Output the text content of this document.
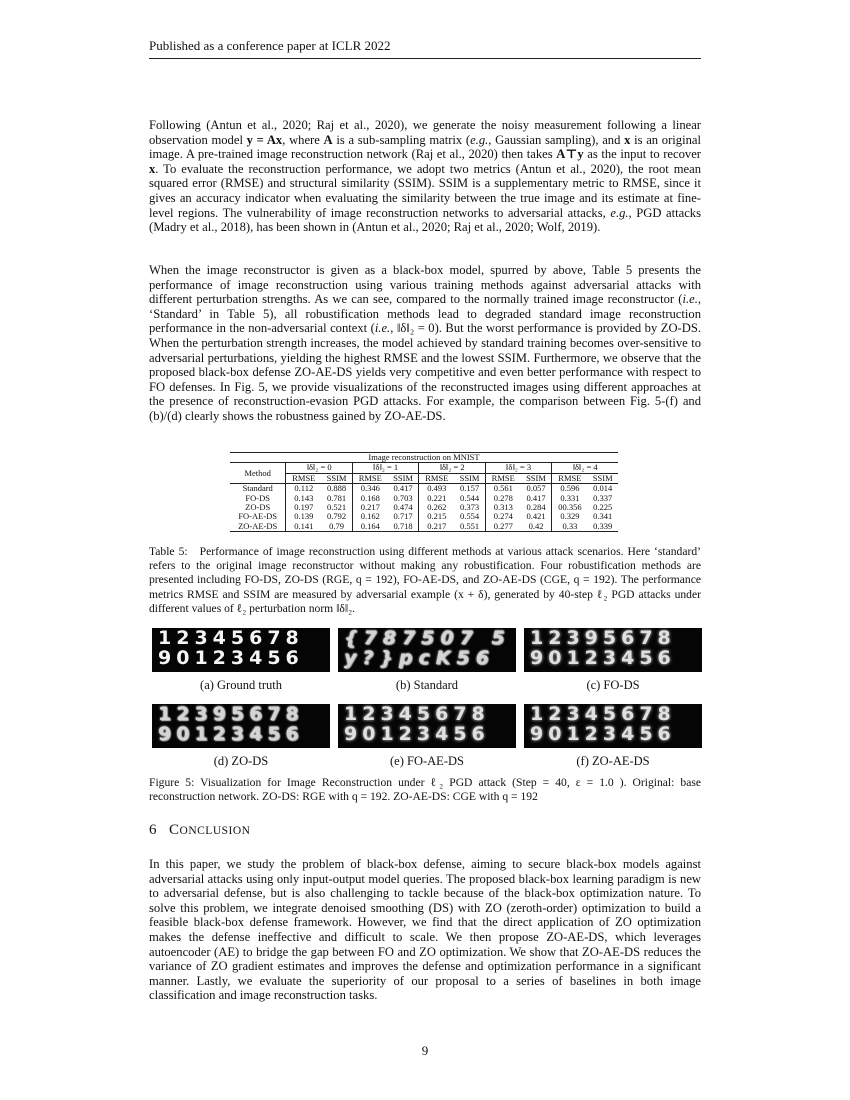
Published as a conference paper at ICLR 2022

Following (Antun et al., 2020; Raj et al., 2020), we generate the noisy measurement following a linear observation model y = Ax, where A is a sub-sampling matrix (e.g., Gaussian sampling), and x is an original image. A pre-trained image reconstruction network (Raj et al., 2020) then takes A⊤y as the input to recover x. To evaluate the reconstruction performance, we adopt two metrics (Antun et al., 2020), the root mean squared error (RMSE) and structural similarity (SSIM). SSIM is a supplementary metric to RMSE, since it gives an accuracy indicator when evaluating the similarity between the true image and its estimate at fine-level regions. The vulnerability of image reconstruction networks to adversarial attacks, e.g., PGD attacks (Madry et al., 2018), has been shown in (Antun et al., 2020; Raj et al., 2020; Wolf, 2019).

When the image reconstructor is given as a black-box model, spurred by above, Table 5 presents the performance of image reconstruction using various training methods against adversarial attacks with different perturbation strengths. As we can see, compared to the normally trained image reconstructor (i.e., ‘Standard’ in Table 5), all robustification methods lead to degraded standard image reconstruction performance in the non-adversarial context (i.e., ‖δ‖₂ = 0). But the worst performance is provided by ZO-DS. When the perturbation strength increases, the model achieved by standard training becomes over-sensitive to adversarial perturbations, yielding the highest RMSE and the lowest SSIM. Furthermore, we observe that the proposed black-box defense ZO-AE-DS yields very competitive and even better performance with respect to FO defenses. In Fig. 5, we provide visualizations of the reconstructed images using different approaches at the presence of reconstruction-evasion PGD attacks. For example, the comparison between Fig. 5-(f) and (b)/(d) clearly shows the robustness gained by ZO-AE-DS.

Image reconstruction on MNIST										
Method	‖δ‖₂ = 0		‖δ‖₂ = 1		‖δ‖₂ = 2		‖δ‖₂ = 3		‖δ‖₂ = 4	
	RMSE	SSIM	RMSE	SSIM	RMSE	SSIM	RMSE	SSIM	RMSE	SSIM
Standard	0.112	0.888	0.346	0.417	0.493	0.157	0.561	0.057	0.596	0.014
FO-DS	0.143	0.781	0.168	0.703	0.221	0.544	0.278	0.417	0.331	0.337
ZO-DS	0.197	0.521	0.217	0.474	0.262	0.373	0.313	0.284	00.356	0.225
FO-AE-DS	0.139	0.792	0.162	0.717	0.215	0.554	0.274	0.421	0.329	0.341
ZO-AE-DS	0.141	0.79	0.164	0.718	0.217	0.551	0.277	0.42	0.33	0.339

Table 5: Performance of image reconstruction using different methods at various attack scenarios. Here ‘standard’ refers to the original image reconstructor without making any robustification. Four robustification methods are presented including FO-DS, ZO-DS (RGE, q = 192), FO-AE-DS, and ZO-AE-DS (CGE, q = 192). The performance metrics RMSE and SSIM are measured by adversarial example (x + δ), generated by 40-step ℓ₂ PGD attacks under different values of ℓ₂ perturbation norm ‖δ‖₂.

12345678
90123456
{787507 5
y?}pcK56
12395678
90123456
(a) Ground truth	(b) Standard	(c) FO-DS
12395678
90123456
12345678
90123456
12345678
90123456
(d) ZO-DS	(e) FO-AE-DS	(f) ZO-AE-DS

Figure 5: Visualization for Image Reconstruction under ℓ₂ PGD attack (Step = 40, ε = 1.0 ). Original: base reconstruction network. ZO-DS: RGE with q = 192. ZO-AE-DS: CGE with q = 192

6 CONCLUSION

In this paper, we study the problem of black-box defense, aiming to secure black-box models against adversarial attacks using only input-output model queries. The proposed black-box learning paradigm is new to adversarial defense, but is also challenging to tackle because of the black-box optimization nature. To solve this problem, we integrate denoised smoothing (DS) with ZO (zeroth-order) optimization to build a feasible black-box defense framework. However, we find that the direct application of ZO optimization makes the defense ineffective and difficult to scale. We then propose ZO-AE-DS, which leverages autoencoder (AE) to bridge the gap between FO and ZO optimization. We show that ZO-AE-DS reduces the variance of ZO gradient estimates and improves the defense and optimization performance in a significant manner. Lastly, we evaluate the superiority of our proposal to a series of baselines in both image classification and image reconstruction tasks.

9
